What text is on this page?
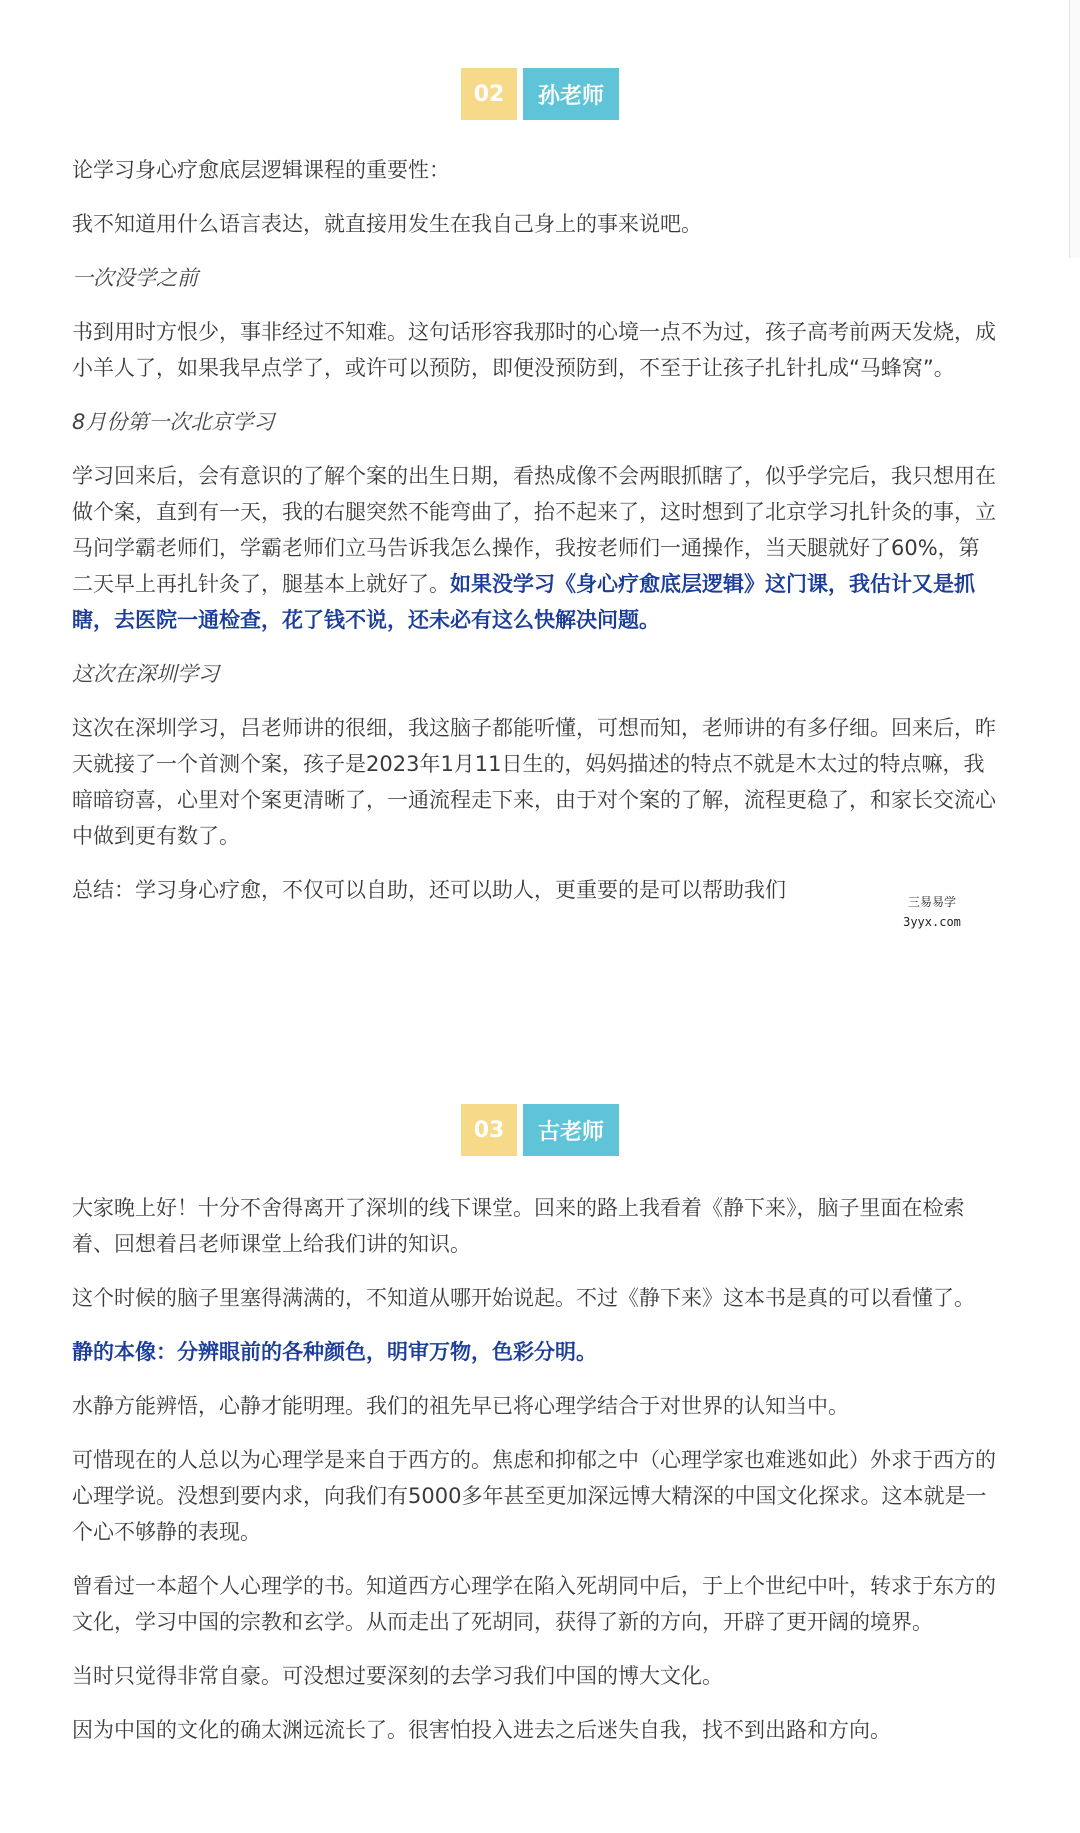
02	孙老师

论学习身心疗愈底层逻辑课程的重要性：

我不知道用什么语言表达，就直接用发生在我自己身上的事来说吧。

一次没学之前

书到用时方恨少，事非经过不知难。这句话形容我那时的心境一点不为过，孩子高考前两天发烧，成小羊人了，如果我早点学了，或许可以预防，即便没预防到，不至于让孩子扎针扎成“马蜂窝”。

8月份第一次北京学习

学习回来后，会有意识的了解个案的出生日期，看热成像不会两眼抓瞎了，似乎学完后，我只想用在做个案，直到有一天，我的右腿突然不能弯曲了，抬不起来了，这时想到了北京学习扎针灸的事，立马问学霸老师们，学霸老师们立马告诉我怎么操作，我按老师们一通操作，当天腿就好了60%，第二天早上再扎针灸了，腿基本上就好了。如果没学习《身心疗愈底层逻辑》这门课，我估计又是抓瞎，去医院一通检查，花了钱不说，还未必有这么快解决问题。

这次在深圳学习

这次在深圳学习，吕老师讲的很细，我这脑子都能听懂，可想而知，老师讲的有多仔细。回来后，昨天就接了一个首测个案，孩子是2023年1月11日生的，妈妈描述的特点不就是木太过的特点嘛，我暗暗窃喜，心里对个案更清晰了，一通流程走下来，由于对个案的了解，流程更稳了，和家长交流心中做到更有数了。

总结：学习身心疗愈，不仅可以自助，还可以助人，更重要的是可以帮助我们	三易易学
3yyx.com
03	古老师

大家晚上好！十分不舍得离开了深圳的线下课堂。回来的路上我看着《静下来》，脑子里面在检索着、回想着吕老师课堂上给我们讲的知识。

这个时候的脑子里塞得满满的，不知道从哪开始说起。不过《静下来》这本书是真的可以看懂了。

静的本像：分辨眼前的各种颜色，明审万物，色彩分明。

水静方能辨悟，心静才能明理。我们的祖先早已将心理学结合于对世界的认知当中。

可惜现在的人总以为心理学是来自于西方的。焦虑和抑郁之中（心理学家也难逃如此）外求于西方的心理学说。没想到要内求，向我们有5000多年甚至更加深远博大精深的中国文化探求。这本就是一个心不够静的表现。

曾看过一本超个人心理学的书。知道西方心理学在陷入死胡同中后，于上个世纪中叶，转求于东方的文化，学习中国的宗教和玄学。从而走出了死胡同，获得了新的方向，开辟了更开阔的境界。

当时只觉得非常自豪。可没想过要深刻的去学习我们中国的博大文化。

因为中国的文化的确太渊远流长了。很害怕投入进去之后迷失自我，找不到出路和方向。
